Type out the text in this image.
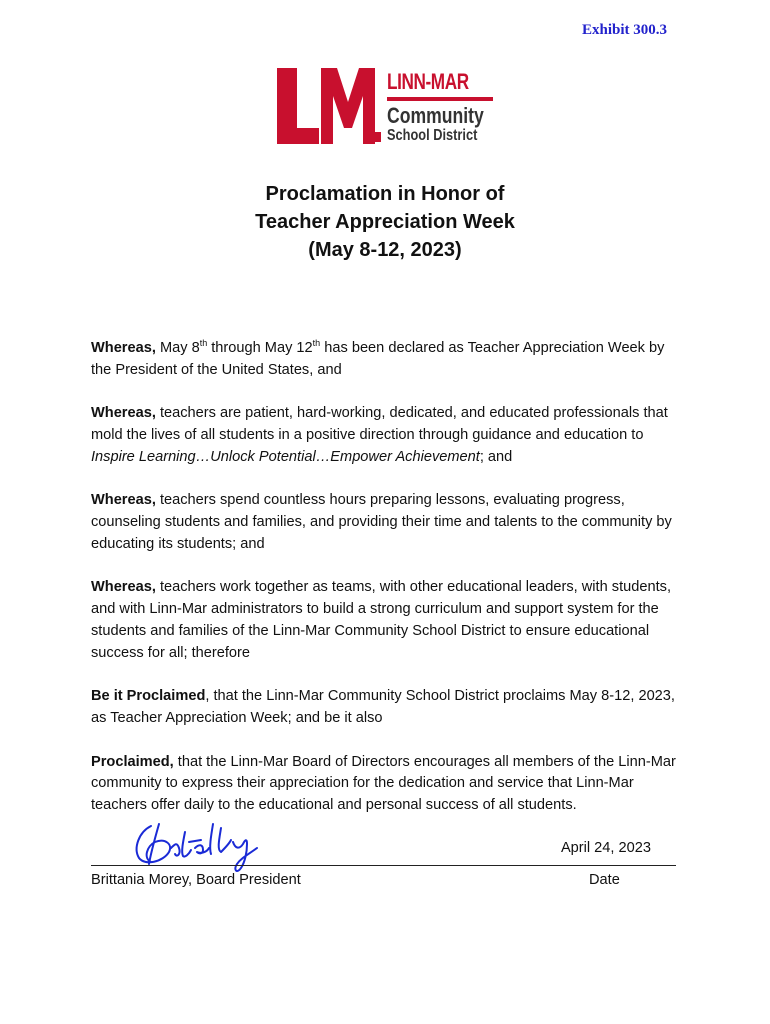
Exhibit 300.3
LINN-MAR
Community
School District
Proclamation in Honor of
Teacher Appreciation Week
(May 8-12, 2023)

Whereas, May 8th through May 12th has been declared as Teacher Appreciation Week by the President of the United States, and

Whereas, teachers are patient, hard-working, dedicated, and educated professionals that mold the lives of all students in a positive direction through guidance and education to Inspire Learning…Unlock Potential…Empower Achievement; and

Whereas, teachers spend countless hours preparing lessons, evaluating progress, counseling students and families, and providing their time and talents to the community by educating its students; and

Whereas, teachers work together as teams, with other educational leaders, with students, and with Linn-Mar administrators to build a strong curriculum and support system for the students and families of the Linn-Mar Community School District to ensure educational success for all; therefore

Be it Proclaimed, that the Linn-Mar Community School District proclaims May 8-12, 2023, as Teacher Appreciation Week; and be it also

Proclaimed, that the Linn-Mar Board of Directors encourages all members of the Linn-Mar community to express their appreciation for the dedication and service that Linn-Mar teachers offer daily to the educational and personal success of all students.

April 24, 2023
Brittania Morey, Board President	Date
